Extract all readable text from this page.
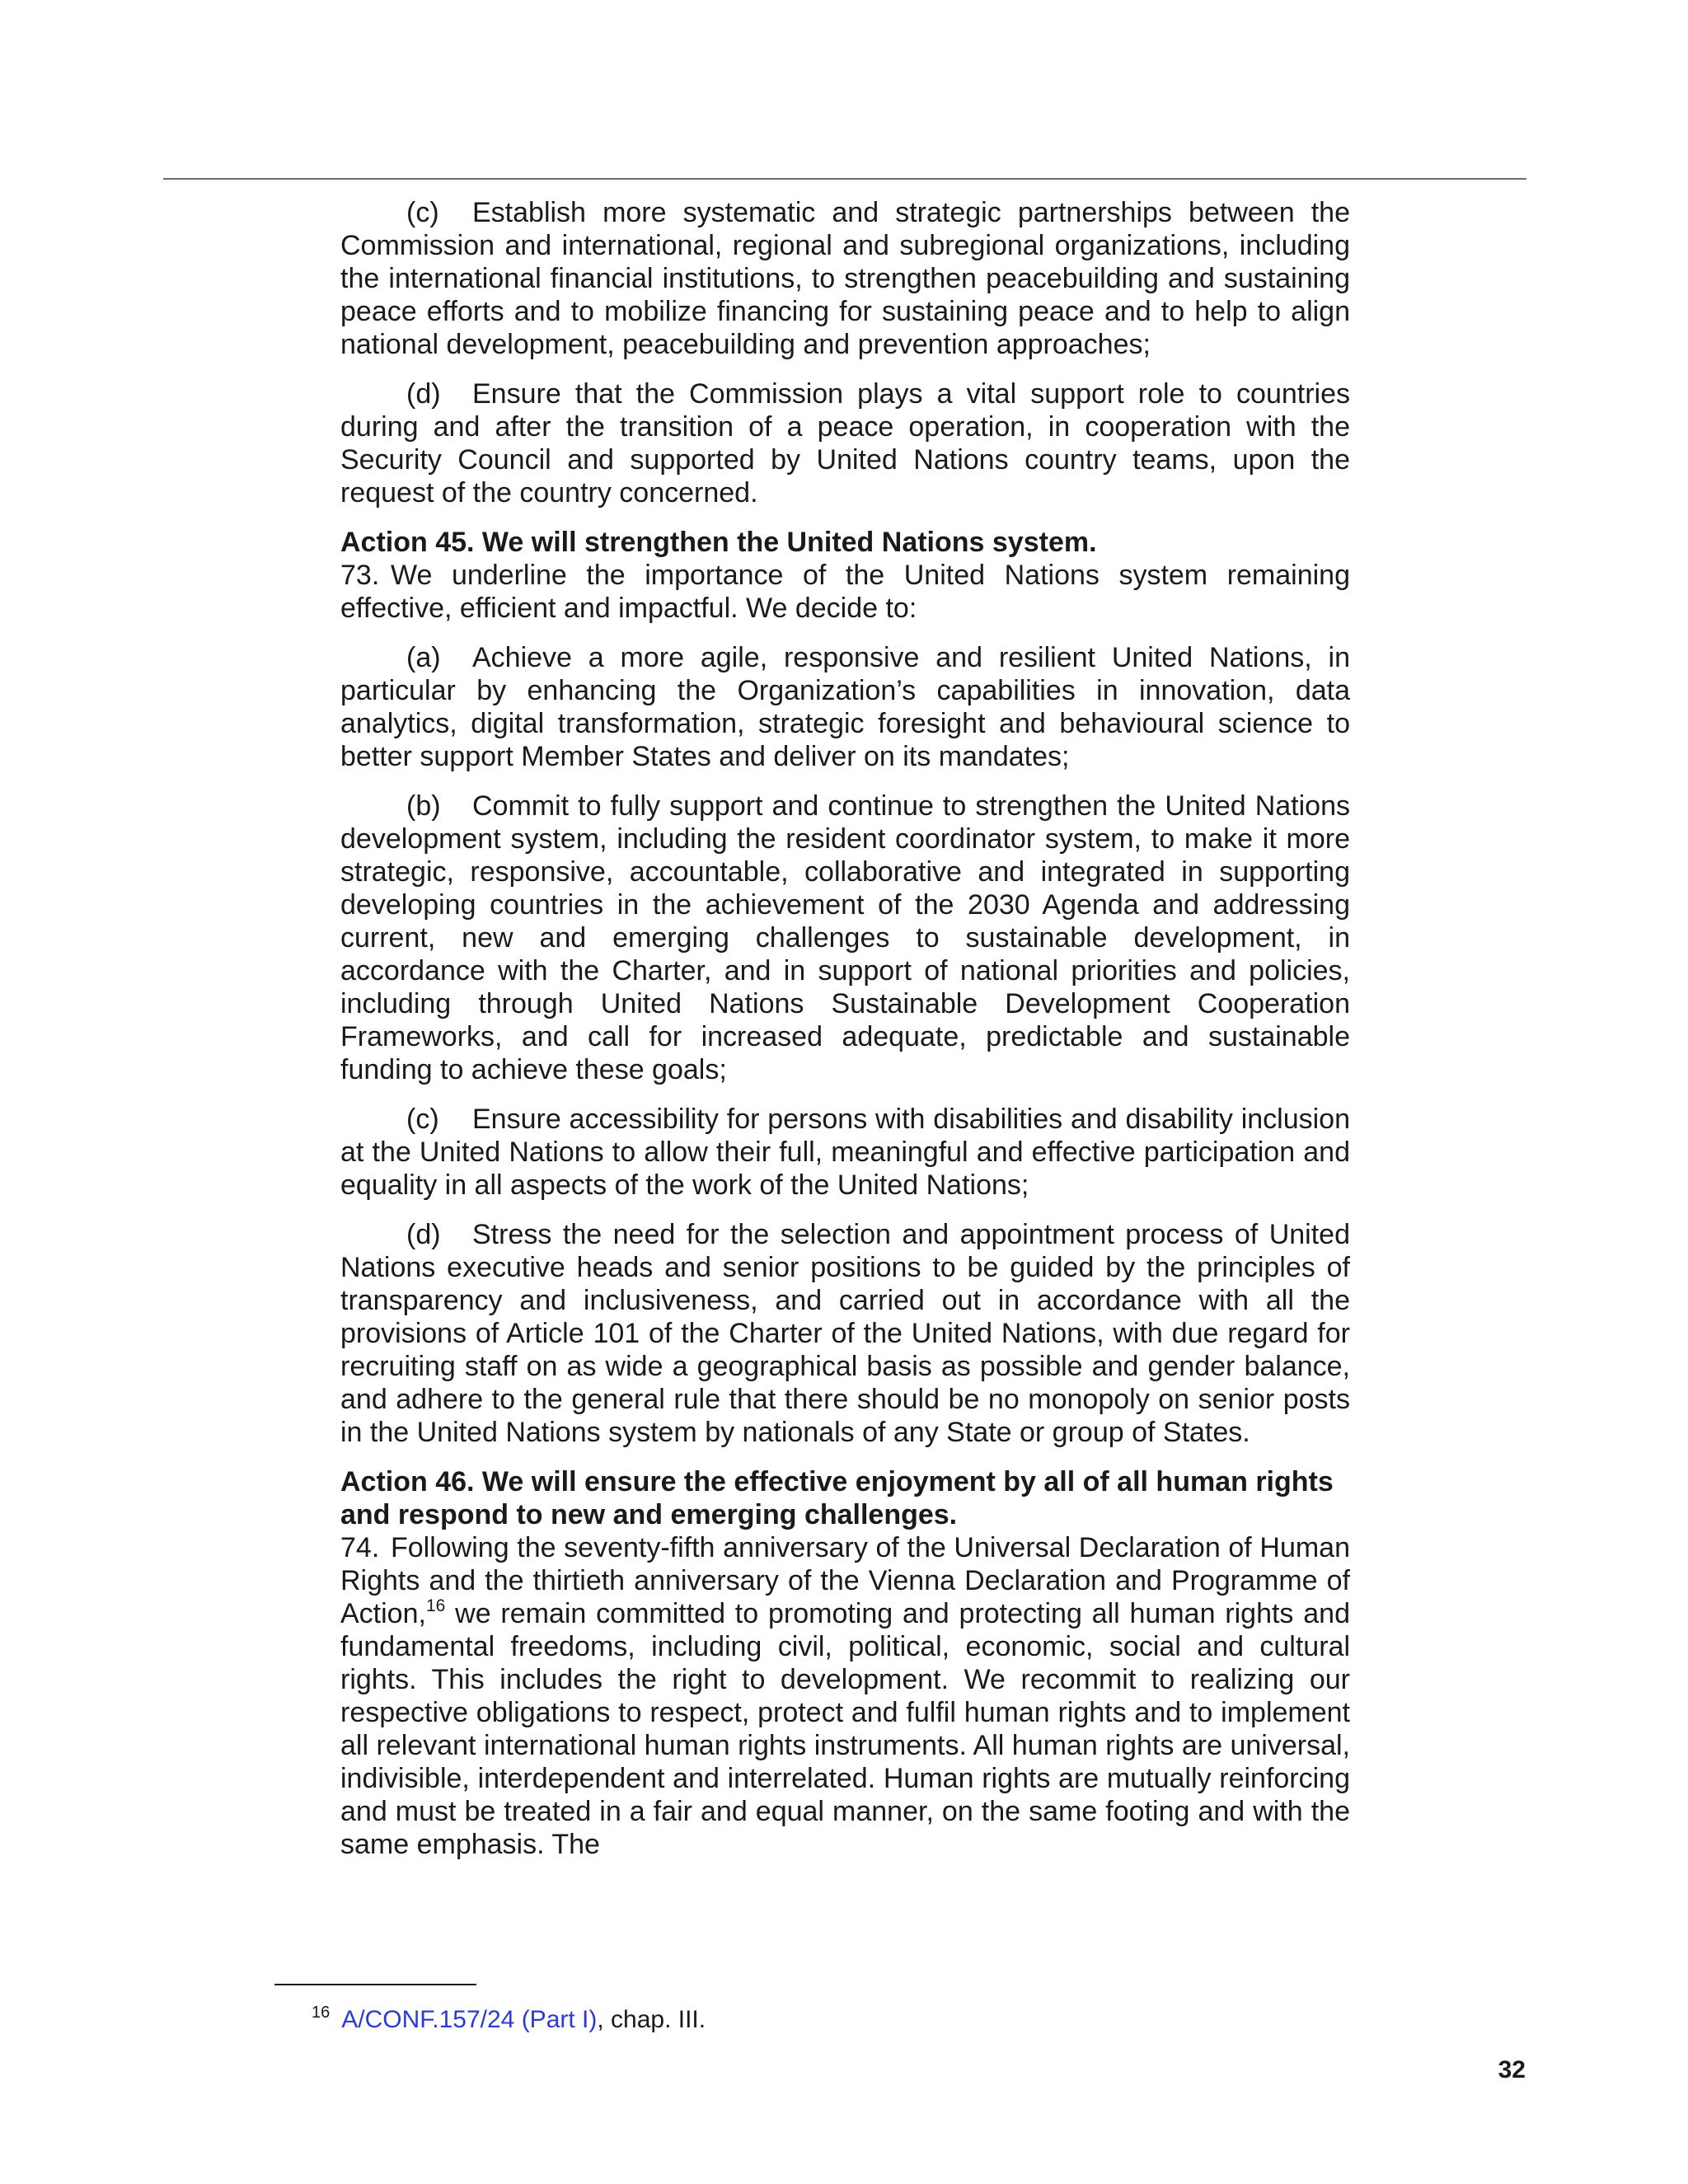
(c) Establish more systematic and strategic partnerships between the Commission and international, regional and subregional organizations, including the international financial institutions, to strengthen peacebuilding and sustaining peace efforts and to mobilize financing for sustaining peace and to help to align national development, peacebuilding and prevention approaches;

(d) Ensure that the Commission plays a vital support role to countries during and after the transition of a peace operation, in cooperation with the Security Council and supported by United Nations country teams, upon the request of the country concerned.

Action 45. We will strengthen the United Nations system.

73. We underline the importance of the United Nations system remaining effective, efficient and impactful. We decide to:

(a) Achieve a more agile, responsive and resilient United Nations, in particular by enhancing the Organization’s capabilities in innovation, data analytics, digital transformation, strategic foresight and behavioural science to better support Member States and deliver on its mandates;

(b) Commit to fully support and continue to strengthen the United Nations development system, including the resident coordinator system, to make it more strategic, responsive, accountable, collaborative and integrated in supporting developing countries in the achievement of the 2030 Agenda and addressing current, new and emerging challenges to sustainable development, in accordance with the Charter, and in support of national priorities and policies, including through United Nations Sustainable Development Cooperation Frameworks, and call for increased adequate, predictable and sustainable funding to achieve these goals;

(c) Ensure accessibility for persons with disabilities and disability inclusion at the United Nations to allow their full, meaningful and effective participation and equality in all aspects of the work of the United Nations;

(d) Stress the need for the selection and appointment process of United Nations executive heads and senior positions to be guided by the principles of transparency and inclusiveness, and carried out in accordance with all the provisions of Article 101 of the Charter of the United Nations, with due regard for recruiting staff on as wide a geographical basis as possible and gender balance, and adhere to the general rule that there should be no monopoly on senior posts in the United Nations system by nationals of any State or group of States.

Action 46. We will ensure the effective enjoyment by all of all human rights
and respond to new and emerging challenges.

74. Following the seventy-fifth anniversary of the Universal Declaration of Human Rights and the thirtieth anniversary of the Vienna Declaration and Programme of Action,$^{16}$ we remain committed to promoting and protecting all human rights and fundamental freedoms, including civil, political, economic, social and cultural rights. This includes the right to development. We recommit to realizing our respective obligations to respect, protect and fulfil human rights and to implement all relevant international human rights instruments. All human rights are universal, indivisible, interdependent and interrelated. Human rights are mutually reinforcing and must be treated in a fair and equal manner, on the same footing and with the same emphasis. The

$^{16}$ A/CONF.157/24 (Part I), chap. III.
32
